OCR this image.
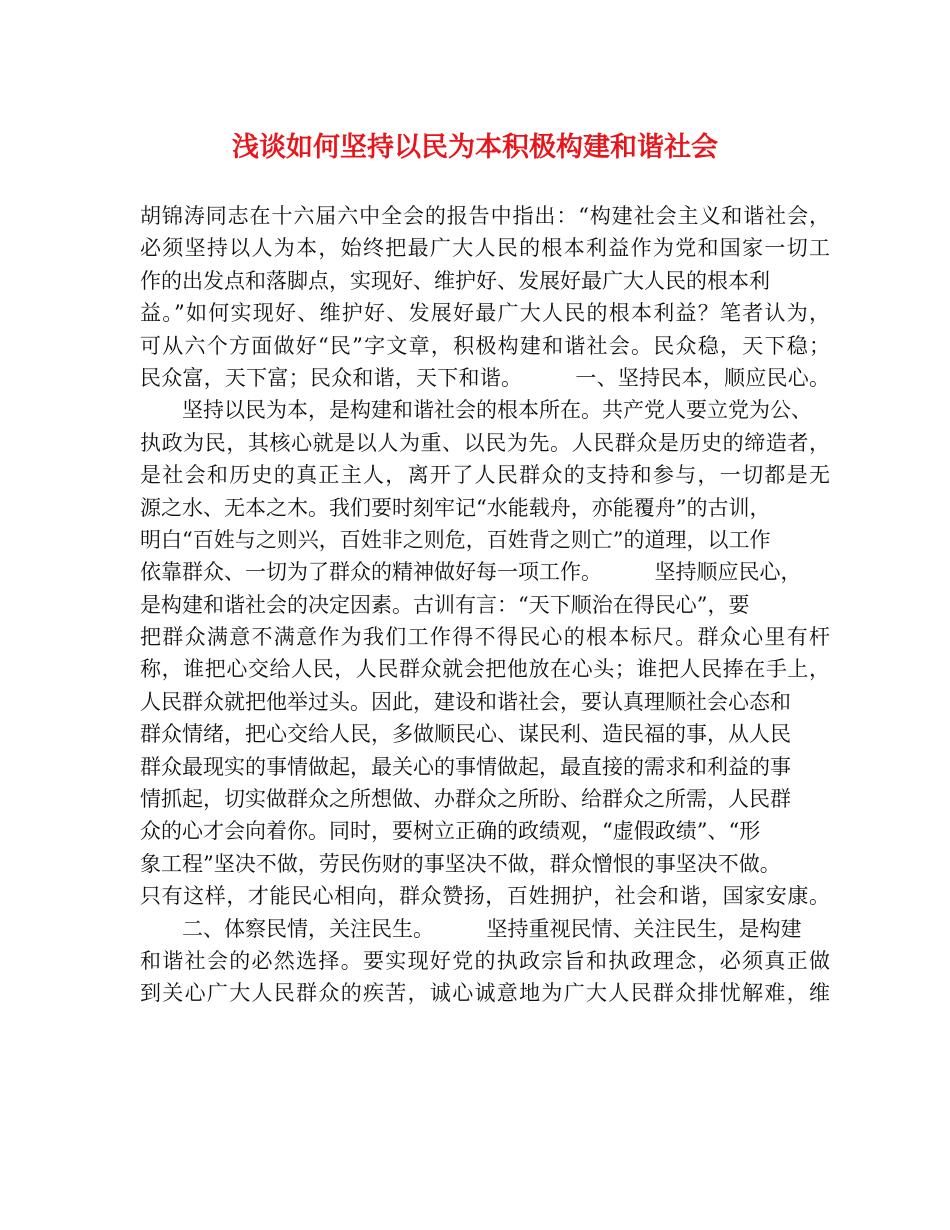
浅谈如何坚持以民为本积极构建和谐社会
胡锦涛同志在十六届六中全会的报告中指出：“构建社会主义和谐社会，
必须坚持以人为本，始终把最广大人民的根本利益作为党和国家一切工
作的出发点和落脚点，实现好、维护好、发展好最广大人民的根本利
益。”如何实现好、维护好、发展好最广大人民的根本利益？笔者认为，
可从六个方面做好“民”字文章，积极构建和谐社会。民众稳，天下稳；
民众富，天下富；民众和谐，天下和谐。　　　一、坚持民本，顺应民心。
坚持以民为本，是构建和谐社会的根本所在。共产党人要立党为公、
执政为民，其核心就是以人为重、以民为先。人民群众是历史的缔造者，
是社会和历史的真正主人，离开了人民群众的支持和参与，一切都是无
源之水、无本之木。我们要时刻牢记“水能载舟，亦能覆舟”的古训，
明白“百姓与之则兴，百姓非之则危，百姓背之则亡”的道理，以工作
依靠群众、一切为了群众的精神做好每一项工作。　　　坚持顺应民心，
是构建和谐社会的决定因素。古训有言：“天下顺治在得民心”，要
把群众满意不满意作为我们工作得不得民心的根本标尺。群众心里有杆
称，谁把心交给人民，人民群众就会把他放在心头；谁把人民捧在手上，
人民群众就把他举过头。因此，建设和谐社会，要认真理顺社会心态和
群众情绪，把心交给人民，多做顺民心、谋民利、造民福的事，从人民
群众最现实的事情做起，最关心的事情做起，最直接的需求和利益的事
情抓起，切实做群众之所想做、办群众之所盼、给群众之所需，人民群
众的心才会向着你。同时，要树立正确的政绩观，“虚假政绩”、“形
象工程”坚决不做，劳民伤财的事坚决不做，群众憎恨的事坚决不做。
只有这样，才能民心相向，群众赞扬，百姓拥护，社会和谐，国家安康。
二、体察民情，关注民生。　　　坚持重视民情、关注民生，是构建
和谐社会的必然选择。要实现好党的执政宗旨和执政理念，必须真正做
到关心广大人民群众的疾苦，诚心诚意地为广大人民群众排忧解难，维
